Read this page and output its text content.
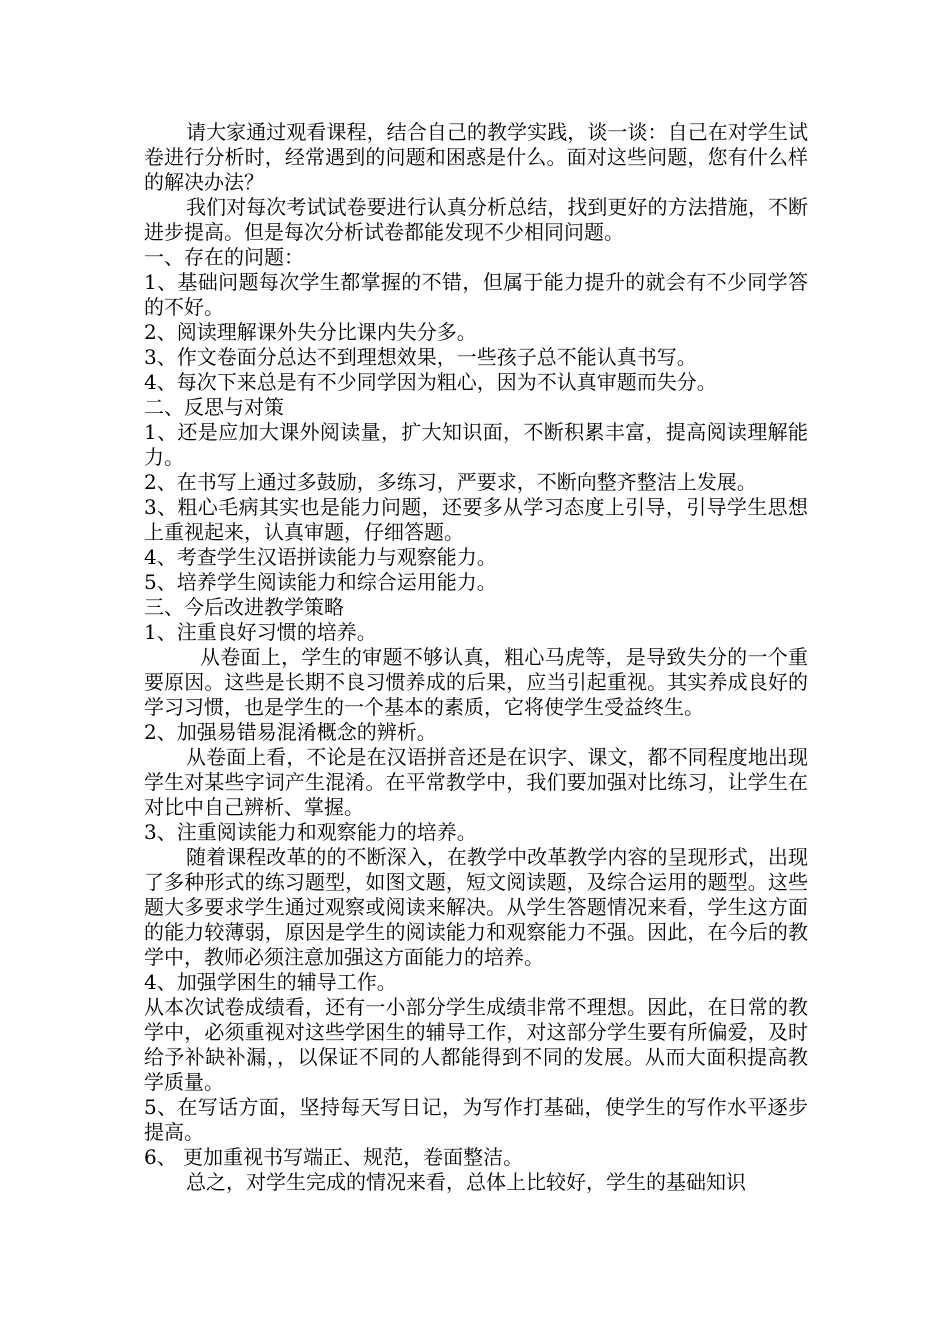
请大家通过观看课程，结合自己的教学实践，谈一谈：自己在对学生试卷进行分析时，经常遇到的问题和困惑是什么。面对这些问题，您有什么样的解决办法？

我们对每次考试试卷要进行认真分析总结，找到更好的方法措施，不断进步提高。但是每次分析试卷都能发现不少相同问题。

一、存在的问题：

1、基础问题每次学生都掌握的不错，但属于能力提升的就会有不少同学答的不好。

2、阅读理解课外失分比课内失分多。

3、作文卷面分总达不到理想效果，一些孩子总不能认真书写。

4、每次下来总是有不少同学因为粗心，因为不认真审题而失分。

二、反思与对策

1、还是应加大课外阅读量，扩大知识面，不断积累丰富，提高阅读理解能力。

2、在书写上通过多鼓励，多练习，严要求，不断向整齐整洁上发展。

3、粗心毛病其实也是能力问题，还要多从学习态度上引导，引导学生思想上重视起来，认真审题，仔细答题。

4、考查学生汉语拼读能力与观察能力。

5、培养学生阅读能力和综合运用能力。

三、今后改进教学策略

1、注重良好习惯的培养。

从卷面上，学生的审题不够认真，粗心马虎等，是导致失分的一个重要原因。这些是长期不良习惯养成的后果，应当引起重视。其实养成良好的学习习惯，也是学生的一个基本的素质，它将使学生受益终生。

2、加强易错易混淆概念的辨析。

从卷面上看，不论是在汉语拼音还是在识字、课文，都不同程度地出现学生对某些字词产生混淆。在平常教学中，我们要加强对比练习，让学生在对比中自己辨析、掌握。

3、注重阅读能力和观察能力的培养。

随着课程改革的的不断深入，在教学中改革教学内容的呈现形式，出现了多种形式的练习题型，如图文题，短文阅读题，及综合运用的题型。这些题大多要求学生通过观察或阅读来解决。从学生答题情况来看，学生这方面的能力较薄弱，原因是学生的阅读能力和观察能力不强。因此，在今后的教学中，教师必须注意加强这方面能力的培养。

4、加强学困生的辅导工作。

从本次试卷成绩看，还有一小部分学生成绩非常不理想。因此，在日常的教学中，必须重视对这些学困生的辅导工作，对这部分学生要有所偏爱，及时给予补缺补漏，，以保证不同的人都能得到不同的发展。从而大面积提高教学质量。

5、在写话方面，坚持每天写日记，为写作打基础，使学生的写作水平逐步提高。

6、 更加重视书写端正、规范，卷面整洁。

总之，对学生完成的情况来看，总体上比较好，学生的基础知识
